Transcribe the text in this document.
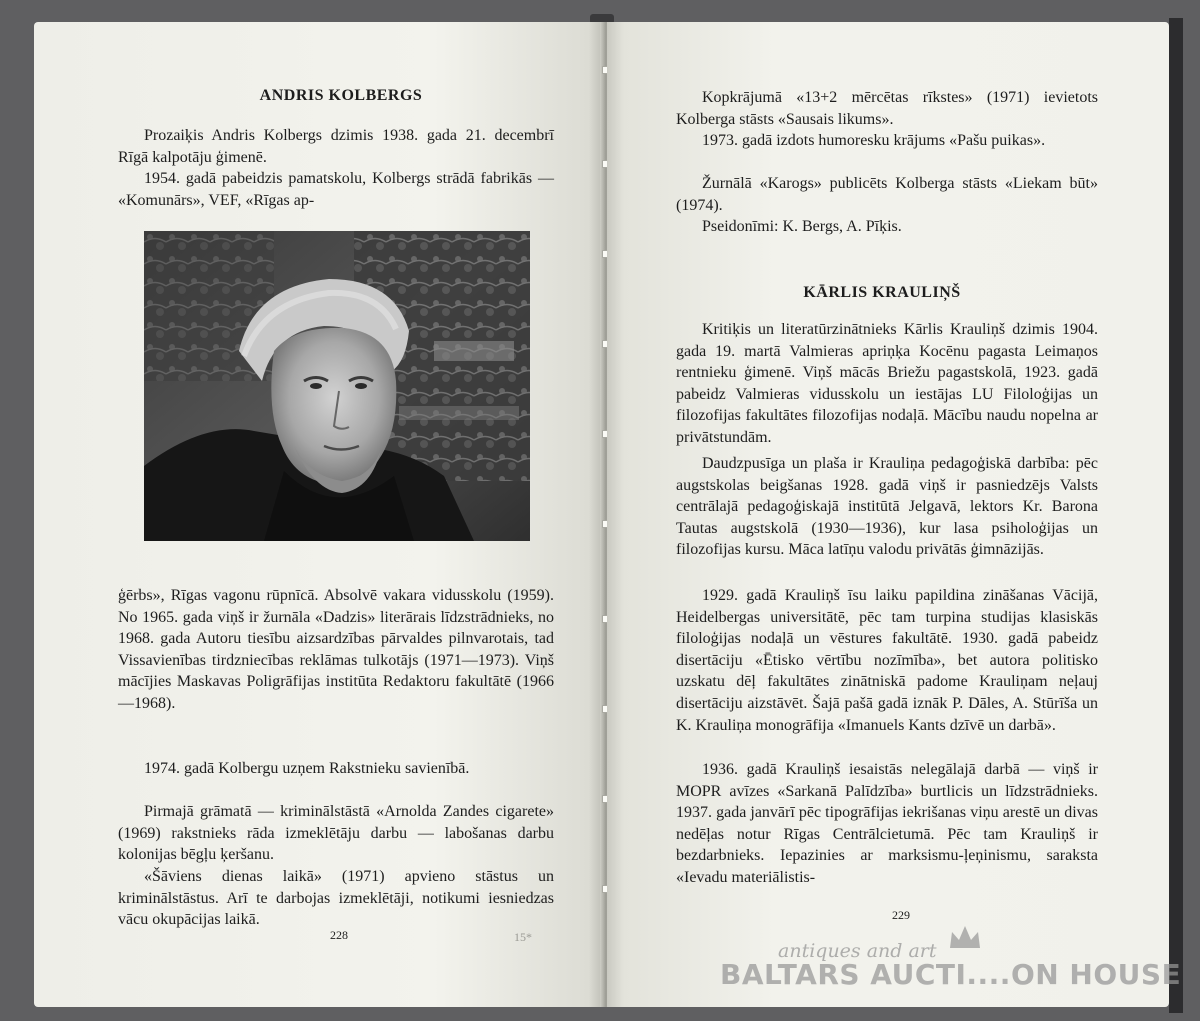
ANDRIS KOLBERGS

Prozaiķis Andris Kolbergs dzimis 1938. gada 21. decembrī Rīgā kalpotāju ģimenē.

1954. gadā pabeidzis pamatskolu, Kolbergs strādā fabrikās — «Komunārs», VEF, «Rīgas ap-

ģērbs», Rīgas vagonu rūpnīcā. Absolvē vakara vidusskolu (1959). No 1965. gada viņš ir žurnāla «Dadzis» literārais līdzstrādnieks, no 1968. gada Autoru tiesību aizsardzības pārvaldes pilnvarotais, tad Vissavienības tirdzniecības reklāmas tulkotājs (1971—1973). Viņš mācījies Maskavas Poligrāfijas institūta Redaktoru fakultātē (1966—1968).

1974. gadā Kolbergu uzņem Rakstnieku savienībā.

Pirmajā grāmatā — kriminālstāstā «Arnolda Zandes cigarete» (1969) rakstnieks rāda izmeklētāju darbu — labošanas darbu kolonijas bēgļu ķeršanu.

«Šāviens dienas laikā» (1971) apvieno stāstus un kriminālstāstus. Arī te darbojas izmeklētāji, notikumi iesniedzas vācu okupācijas laikā.

228	15*

Kopkrājumā «13+2 mērcētas rīkstes» (1971) ievietots Kolberga stāsts «Sausais likums».

1973. gadā izdots humoresku krājums «Pašu puikas».

Žurnālā «Karogs» publicēts Kolberga stāsts «Liekam būt» (1974).

Pseidonīmi: K. Bergs, A. Pīķis.

KĀRLIS KRAULIŅŠ

Kritiķis un literatūrzinātnieks Kārlis Krauliņš dzimis 1904. gada 19. martā Valmieras apriņķa Kocēnu pagasta Leimaņos rentnieku ģimenē. Viņš mācās Briežu pagastskolā, 1923. gadā pabeidz Valmieras vidusskolu un iestājas LU Filoloģijas un filozofijas fakultātes filozofijas nodaļā. Mācību naudu nopelna ar privātstundām.

Daudzpusīga un plaša ir Krauliņa pedagoģiskā darbība: pēc augstskolas beigšanas 1928. gadā viņš ir pasniedzējs Valsts centrālajā pedagoģiskajā institūtā Jelgavā, lektors Kr. Barona Tautas augstskolā (1930—1936), kur lasa psiholoģijas un filozofijas kursu. Māca latīņu valodu privātās ģimnāzijās.

1929. gadā Krauliņš īsu laiku papildina zināšanas Vācijā, Heidelbergas universitātē, pēc tam turpina studijas klasiskās filoloģijas nodaļā un vēstures fakultātē. 1930. gadā pabeidz disertāciju «Ētisko vērtību nozīmība», bet autora politisko uzskatu dēļ fakultātes zinātniskā padome Krauliņam neļauj disertāciju aizstāvēt. Šajā pašā gadā iznāk P. Dāles, A. Stūrīša un K. Krauliņa monogrāfija «Imanuels Kants dzīvē un darbā».

1936. gadā Krauliņš iesaistās nelegālajā darbā — viņš ir MOPR avīzes «Sarkanā Palīdzība» burtlicis un līdzstrādnieks. 1937. gada janvārī pēc tipogrāfijas iekrišanas viņu arestē un divas nedēļas notur Rīgas Centrālcietumā. Pēc tam Krauliņš ir bezdarbnieks. Iepazinies ar marksismu-ļeņinismu, saraksta «Ievadu materiālistis-

229
antiques and art
BALTARS AUCTI....ON HOUSE
